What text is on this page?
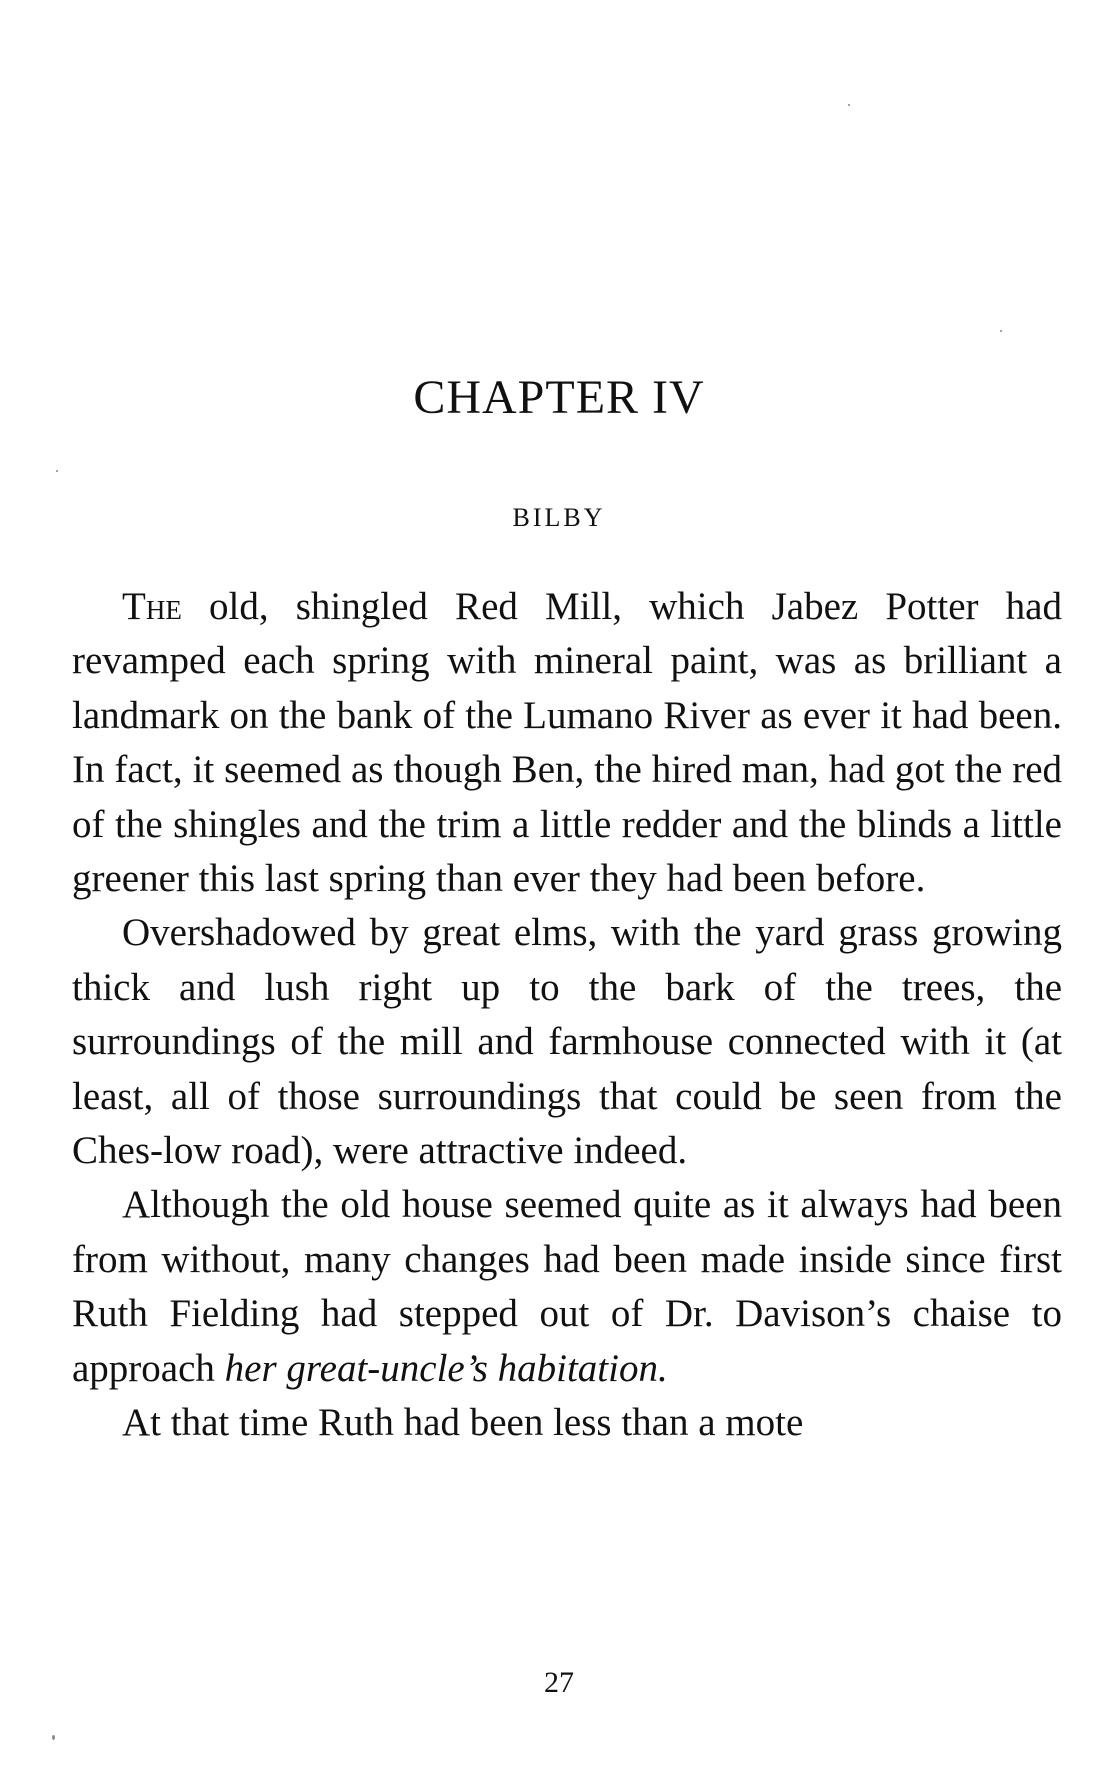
CHAPTER IV
BILBY

The old, shingled Red Mill, which Jabez Potter had revamped each spring with mineral paint, was as brilliant a landmark on the bank of the Lumano River as ever it had been. In fact, it seemed as though Ben, the hired man, had got the red of the shingles and the trim a little redder and the blinds a little greener this last spring than ever they had been before.

Overshadowed by great elms, with the yard grass growing thick and lush right up to the bark of the trees, the surroundings of the mill and farmhouse connected with it (at least, all of those surroundings that could be seen from the Ches-low road), were attractive indeed.

Although the old house seemed quite as it always had been from without, many changes had been made inside since first Ruth Fielding had stepped out of Dr. Davison’s chaise to approach her great-uncle’s habitation.

At that time Ruth had been less than a mote

27
